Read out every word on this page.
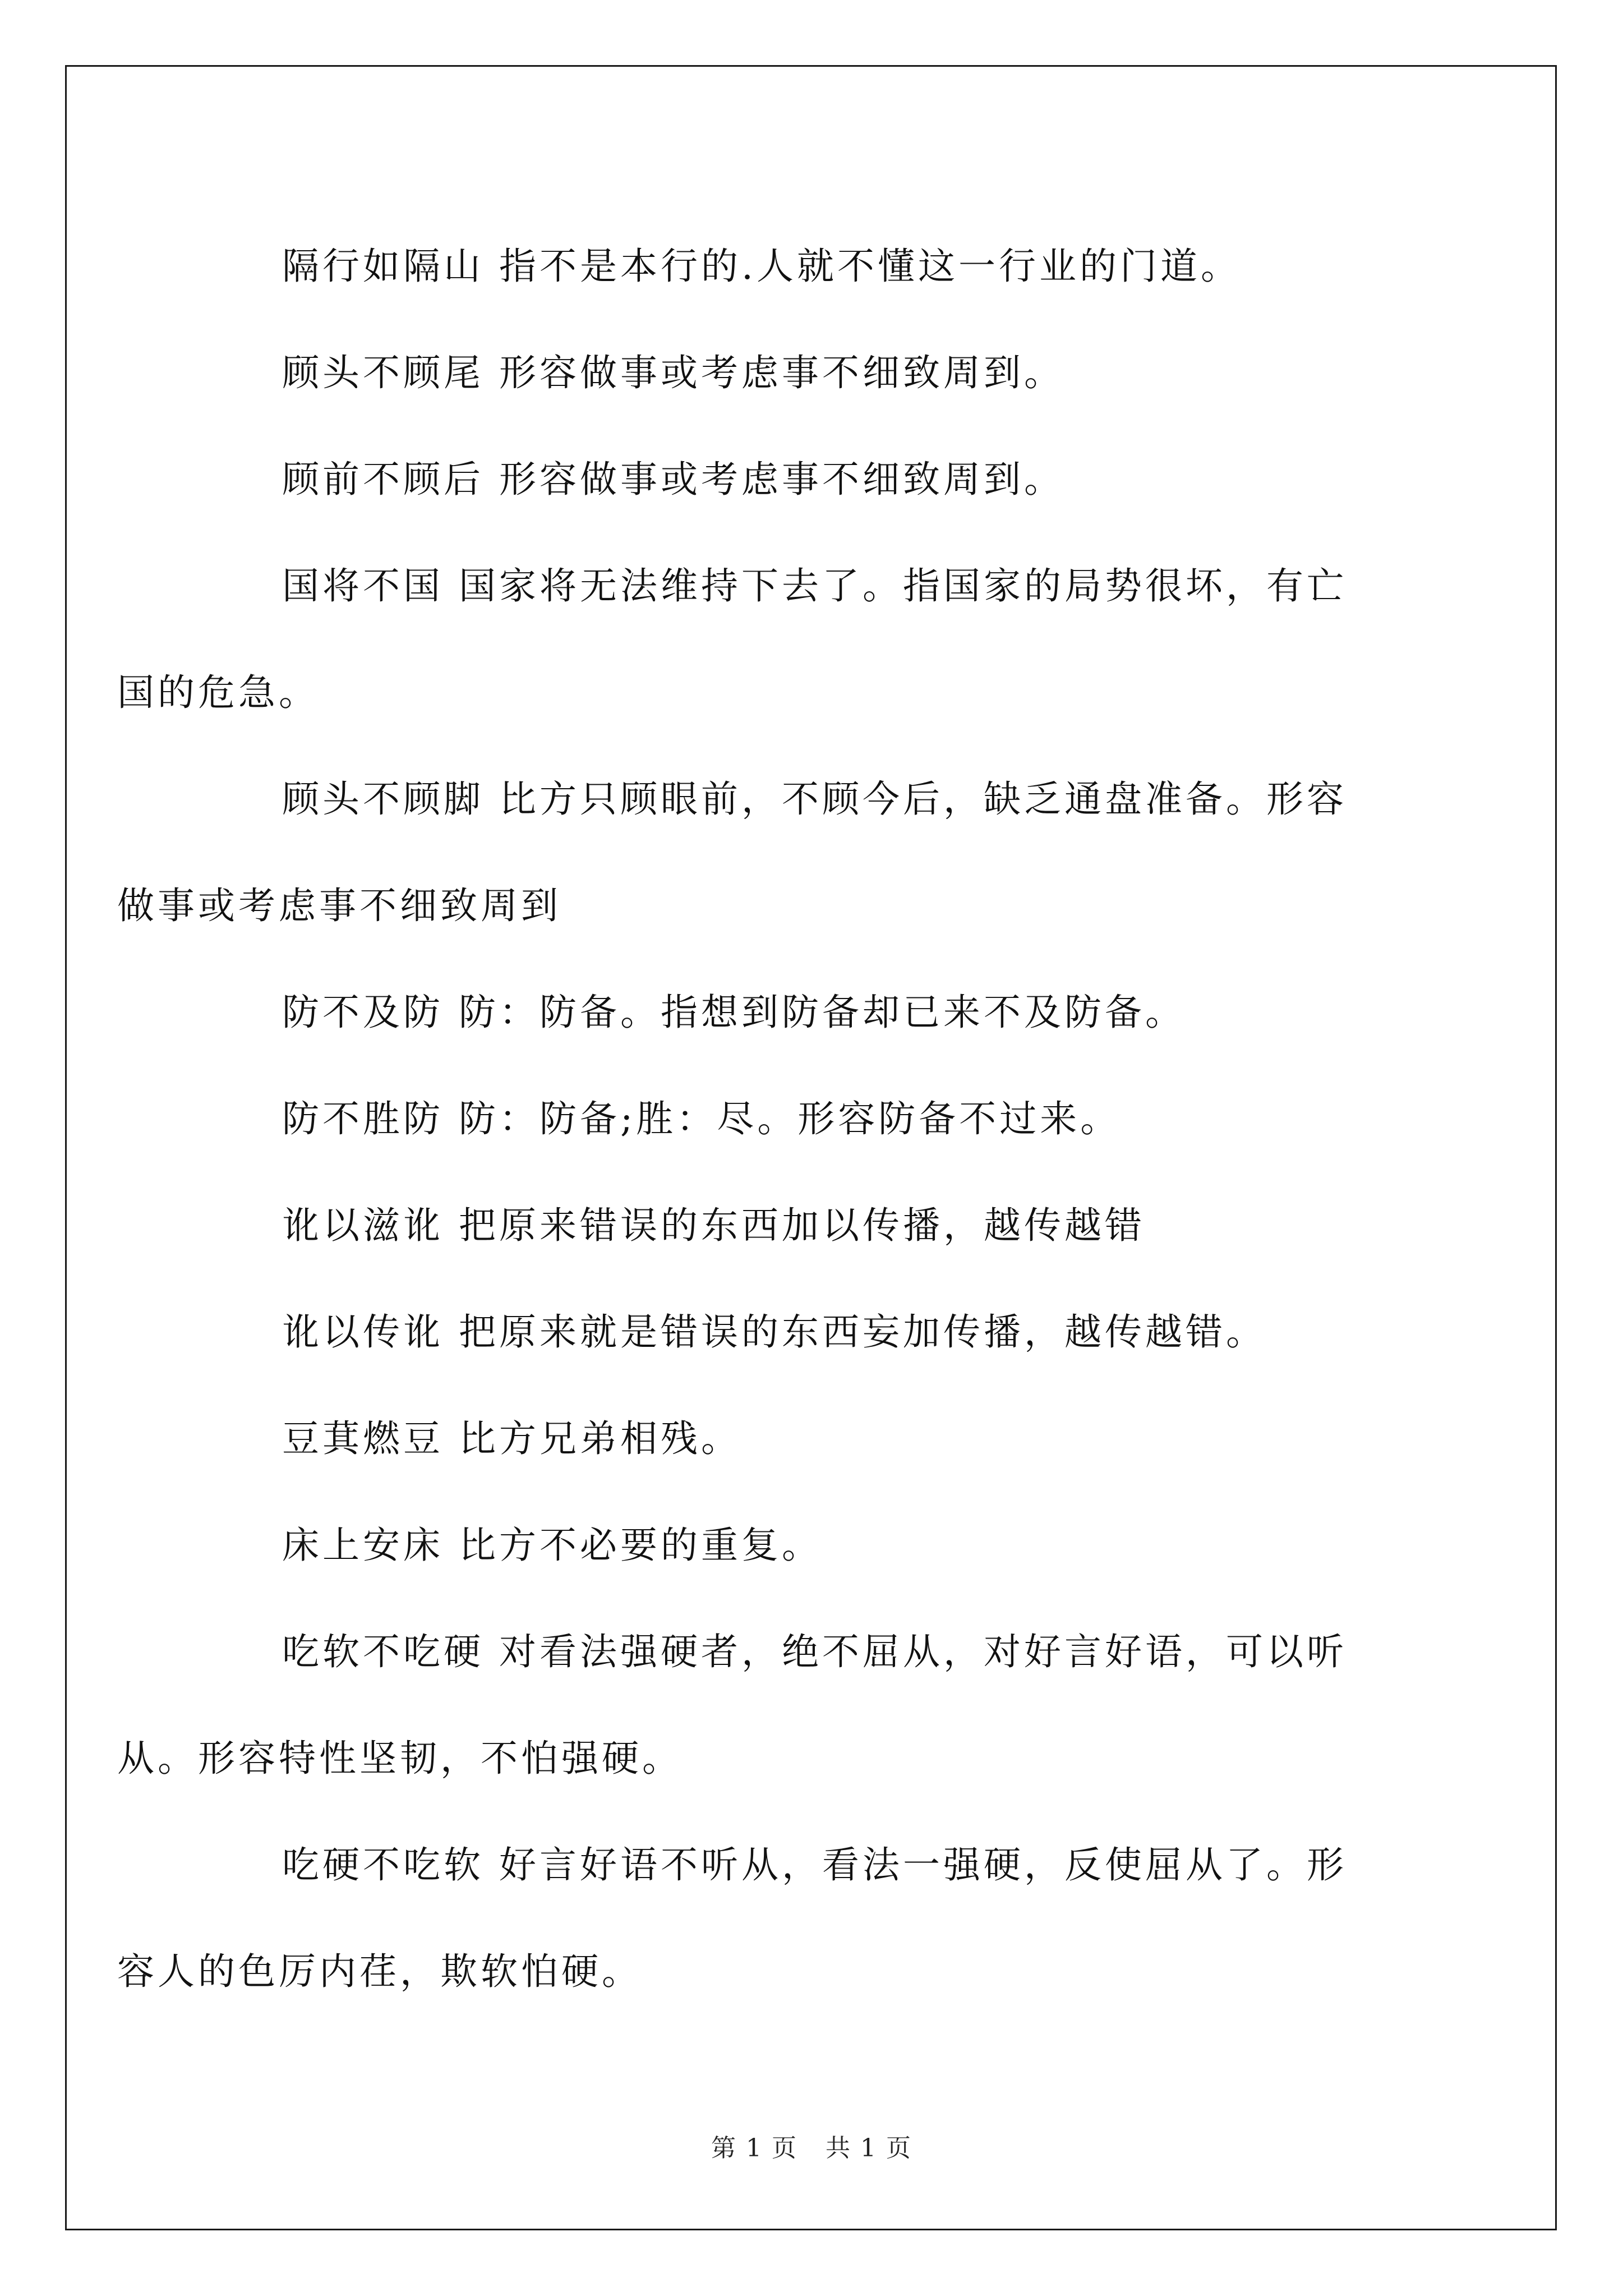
隔行如隔山 指不是本行的.人就不懂这一行业的门道。

顾头不顾尾 形容做事或考虑事不细致周到。

顾前不顾后 形容做事或考虑事不细致周到。

国将不国 国家将无法维持下去了。指国家的局势很坏，有亡国的危急。

顾头不顾脚 比方只顾眼前，不顾今后，缺乏通盘准备。形容做事或考虑事不细致周到

防不及防 防：防备。指想到防备却已来不及防备。

防不胜防 防：防备;胜：尽。形容防备不过来。

讹以滋讹 把原来错误的东西加以传播，越传越错

讹以传讹 把原来就是错误的东西妄加传播，越传越错。

豆萁燃豆 比方兄弟相残。

床上安床 比方不必要的重复。

吃软不吃硬 对看法强硬者，绝不屈从，对好言好语，可以听从。形容特性坚韧，不怕强硬。

吃硬不吃软 好言好语不听从，看法一强硬，反使屈从了。形容人的色厉内荏，欺软怕硬。

第 1 页 共 1 页
